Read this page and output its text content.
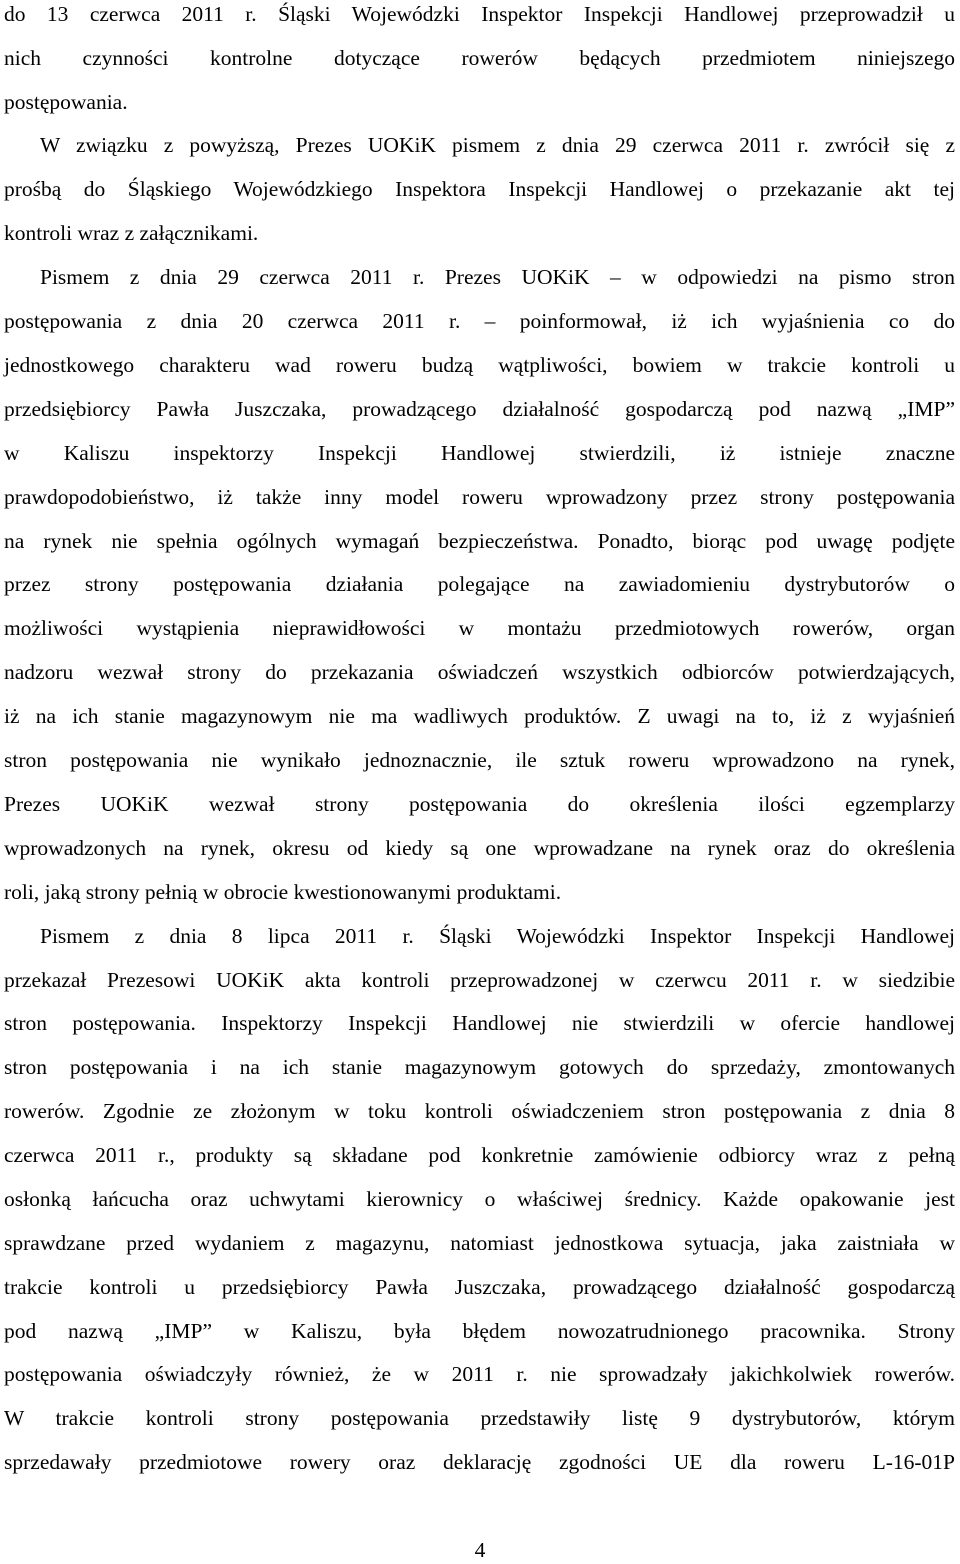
do 13 czerwca 2011 r. Śląski Wojewódzki Inspektor Inspekcji Handlowej przeprowadził u
nich czynności kontrolne dotyczące rowerów będących przedmiotem niniejszego
postępowania.
W związku z powyższą, Prezes UOKiK pismem z dnia 29 czerwca 2011 r. zwrócił się z
prośbą do Śląskiego Wojewódzkiego Inspektora Inspekcji Handlowej o przekazanie akt tej
kontroli wraz z załącznikami.
Pismem z dnia 29 czerwca 2011 r. Prezes UOKiK – w odpowiedzi na pismo stron
postępowania z dnia 20 czerwca 2011 r. – poinformował, iż ich wyjaśnienia co do
jednostkowego charakteru wad roweru budzą wątpliwości, bowiem w trakcie kontroli u
przedsiębiorcy Pawła Juszczaka, prowadzącego działalność gospodarczą pod nazwą „IMP”
w Kaliszu inspektorzy Inspekcji Handlowej stwierdzili, iż istnieje znaczne
prawdopodobieństwo, iż także inny model roweru wprowadzony przez strony postępowania
na rynek nie spełnia ogólnych wymagań bezpieczeństwa. Ponadto, biorąc pod uwagę podjęte
przez strony postępowania działania polegające na zawiadomieniu dystrybutorów o
możliwości wystąpienia nieprawidłowości w montażu przedmiotowych rowerów, organ
nadzoru wezwał strony do przekazania oświadczeń wszystkich odbiorców potwierdzających,
iż na ich stanie magazynowym nie ma wadliwych produktów. Z uwagi na to, iż z wyjaśnień
stron postępowania nie wynikało jednoznacznie, ile sztuk roweru wprowadzono na rynek,
Prezes UOKiK wezwał strony postępowania do określenia ilości egzemplarzy
wprowadzonych na rynek, okresu od kiedy są one wprowadzane na rynek oraz do określenia
roli, jaką strony pełnią w obrocie kwestionowanymi produktami.
Pismem z dnia 8 lipca 2011 r. Śląski Wojewódzki Inspektor Inspekcji Handlowej
przekazał Prezesowi UOKiK akta kontroli przeprowadzonej w czerwcu 2011 r. w siedzibie
stron postępowania. Inspektorzy Inspekcji Handlowej nie stwierdzili w ofercie handlowej
stron postępowania i na ich stanie magazynowym gotowych do sprzedaży, zmontowanych
rowerów. Zgodnie ze złożonym w toku kontroli oświadczeniem stron postępowania z dnia 8
czerwca 2011 r., produkty są składane pod konkretnie zamówienie odbiorcy wraz z pełną
osłonką łańcucha oraz uchwytami kierownicy o właściwej średnicy. Każde opakowanie jest
sprawdzane przed wydaniem z magazynu, natomiast jednostkowa sytuacja, jaka zaistniała w
trakcie kontroli u przedsiębiorcy Pawła Juszczaka, prowadzącego działalność gospodarczą
pod nazwą „IMP” w Kaliszu, była błędem nowozatrudnionego pracownika. Strony
postępowania oświadczyły również, że w 2011 r. nie sprowadzały jakichkolwiek rowerów.
W trakcie kontroli strony postępowania przedstawiły listę 9 dystrybutorów, którym
sprzedawały przedmiotowe rowery oraz deklarację zgodności UE dla roweru L-16-01P
4
